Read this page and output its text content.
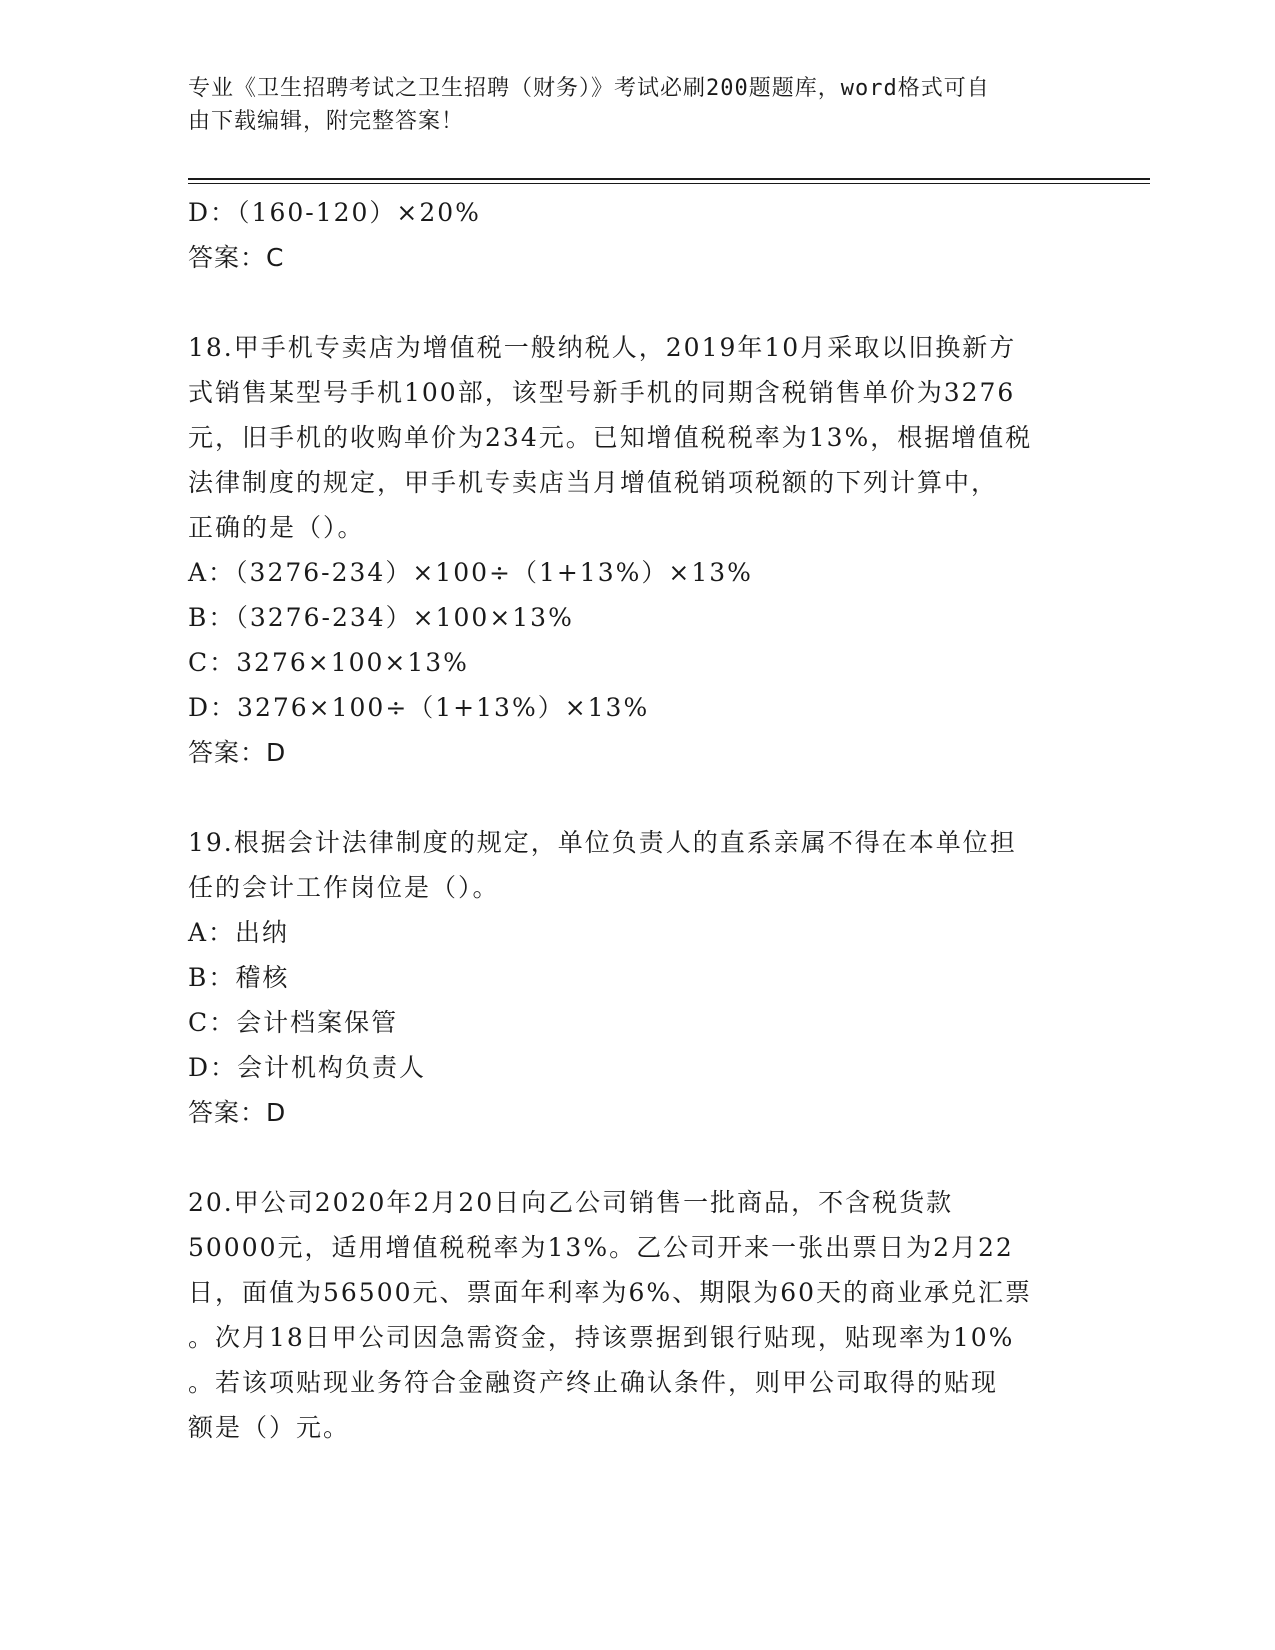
专业《卫生招聘考试之卫生招聘（财务）》考试必刷200题题库，word格式可自
由下载编辑，附完整答案！
D：（160-120）×20%
答案：C
18.甲手机专卖店为增值税一般纳税人，2019年10月采取以旧换新方
式销售某型号手机100部，该型号新手机的同期含税销售单价为3276
元，旧手机的收购单价为234元。已知增值税税率为13%，根据增值税
法律制度的规定，甲手机专卖店当月增值税销项税额的下列计算中，
正确的是（）。
A：（3276-234）×100÷（1+13%）×13%
B：（3276-234）×100×13%
C：3276×100×13%
D：3276×100÷（1+13%）×13%
答案：D
19.根据会计法律制度的规定，单位负责人的直系亲属不得在本单位担
任的会计工作岗位是（）。
A：出纳
B：稽核
C：会计档案保管
D：会计机构负责人
答案：D
20.甲公司2020年2月20日向乙公司销售一批商品，不含税货款
50000元，适用增值税税率为13%。乙公司开来一张出票日为2月22
日，面值为56500元、票面年利率为6%、期限为60天的商业承兑汇票
。次月18日甲公司因急需资金，持该票据到银行贴现，贴现率为10%
。若该项贴现业务符合金融资产终止确认条件，则甲公司取得的贴现
额是（）元。
